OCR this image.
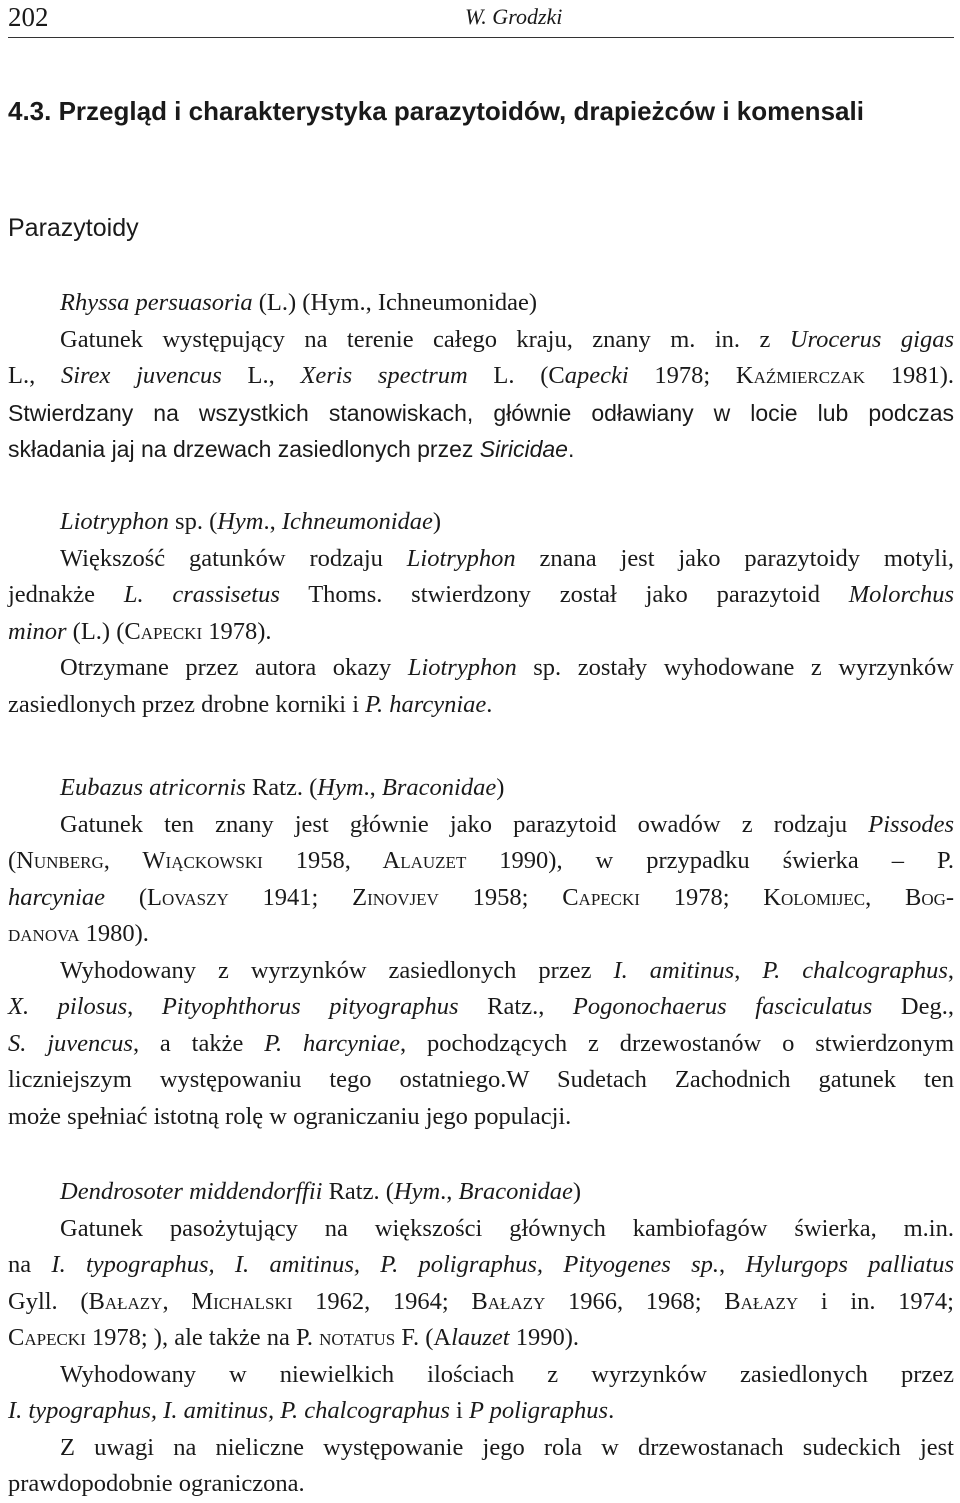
202	W. Grodzki
4.3. Przegląd i charakterystyka parazytoidów, drapieżców i komensali
Parazytoidy
Rhyssa persuasoria (L.) (Hym., Ichneumonidae)
Gatunek występujący na terenie całego kraju, znany m. in. z Urocerus gigas
L., Sirex juvencus L., Xeris spectrum L. (Capecki 1978; Kaźmierczak 1981).
Stwierdzany na wszystkich stanowiskach, głównie odławiany w locie lub podczas
składania jaj na drzewach zasiedlonych przez Siricidae.
Liotryphon sp. (Hym., Ichneumonidae)
Większość gatunków rodzaju Liotryphon znana jest jako parazytoidy motyli,
jednakże L. crassisetus Thoms. stwierdzony został jako parazytoid Molorchus
minor (L.) (Capecki 1978).
Otrzymane przez autora okazy Liotryphon sp. zostały wyhodowane z wyrzynków
zasiedlonych przez drobne korniki i P. harcyniae.
Eubazus atricornis Ratz. (Hym., Braconidae)
Gatunek ten znany jest głównie jako parazytoid owadów z rodzaju Pissodes
(Nunberg, Wiąckowski 1958, Alauzet 1990), w przypadku świerka – P.
harcyniae (Lovaszy 1941; Zinovjev 1958; Capecki 1978; Kolomijec, Bog-
danova 1980).
Wyhodowany z wyrzynków zasiedlonych przez I. amitinus, P. chalcographus,
X. pilosus, Pityophthorus pityographus Ratz., Pogonochaerus fasciculatus Deg.,
S. juvencus, a także P. harcyniae, pochodzących z drzewostanów o stwierdzonym
liczniejszym występowaniu tego ostatniego.W Sudetach Zachodnich gatunek ten
może spełniać istotną rolę w ograniczaniu jego populacji.
Dendrosoter middendorffii Ratz. (Hym., Braconidae)
Gatunek pasożytujący na większości głównych kambiofagów świerka, m.in.
na I. typographus, I. amitinus, P. poligraphus, Pityogenes sp., Hylurgops palliatus
Gyll. (Bałazy, Michalski 1962, 1964; Bałazy 1966, 1968; Bałazy i in. 1974;
Capecki 1978; ), ale także na P. notatus F. (Alauzet 1990).
Wyhodowany w niewielkich ilościach z wyrzynków zasiedlonych przez
I. typographus, I. amitinus, P. chalcographus i P poligraphus.
Z uwagi na nieliczne występowanie jego rola w drzewostanach sudeckich jest
prawdopodobnie ograniczona.
